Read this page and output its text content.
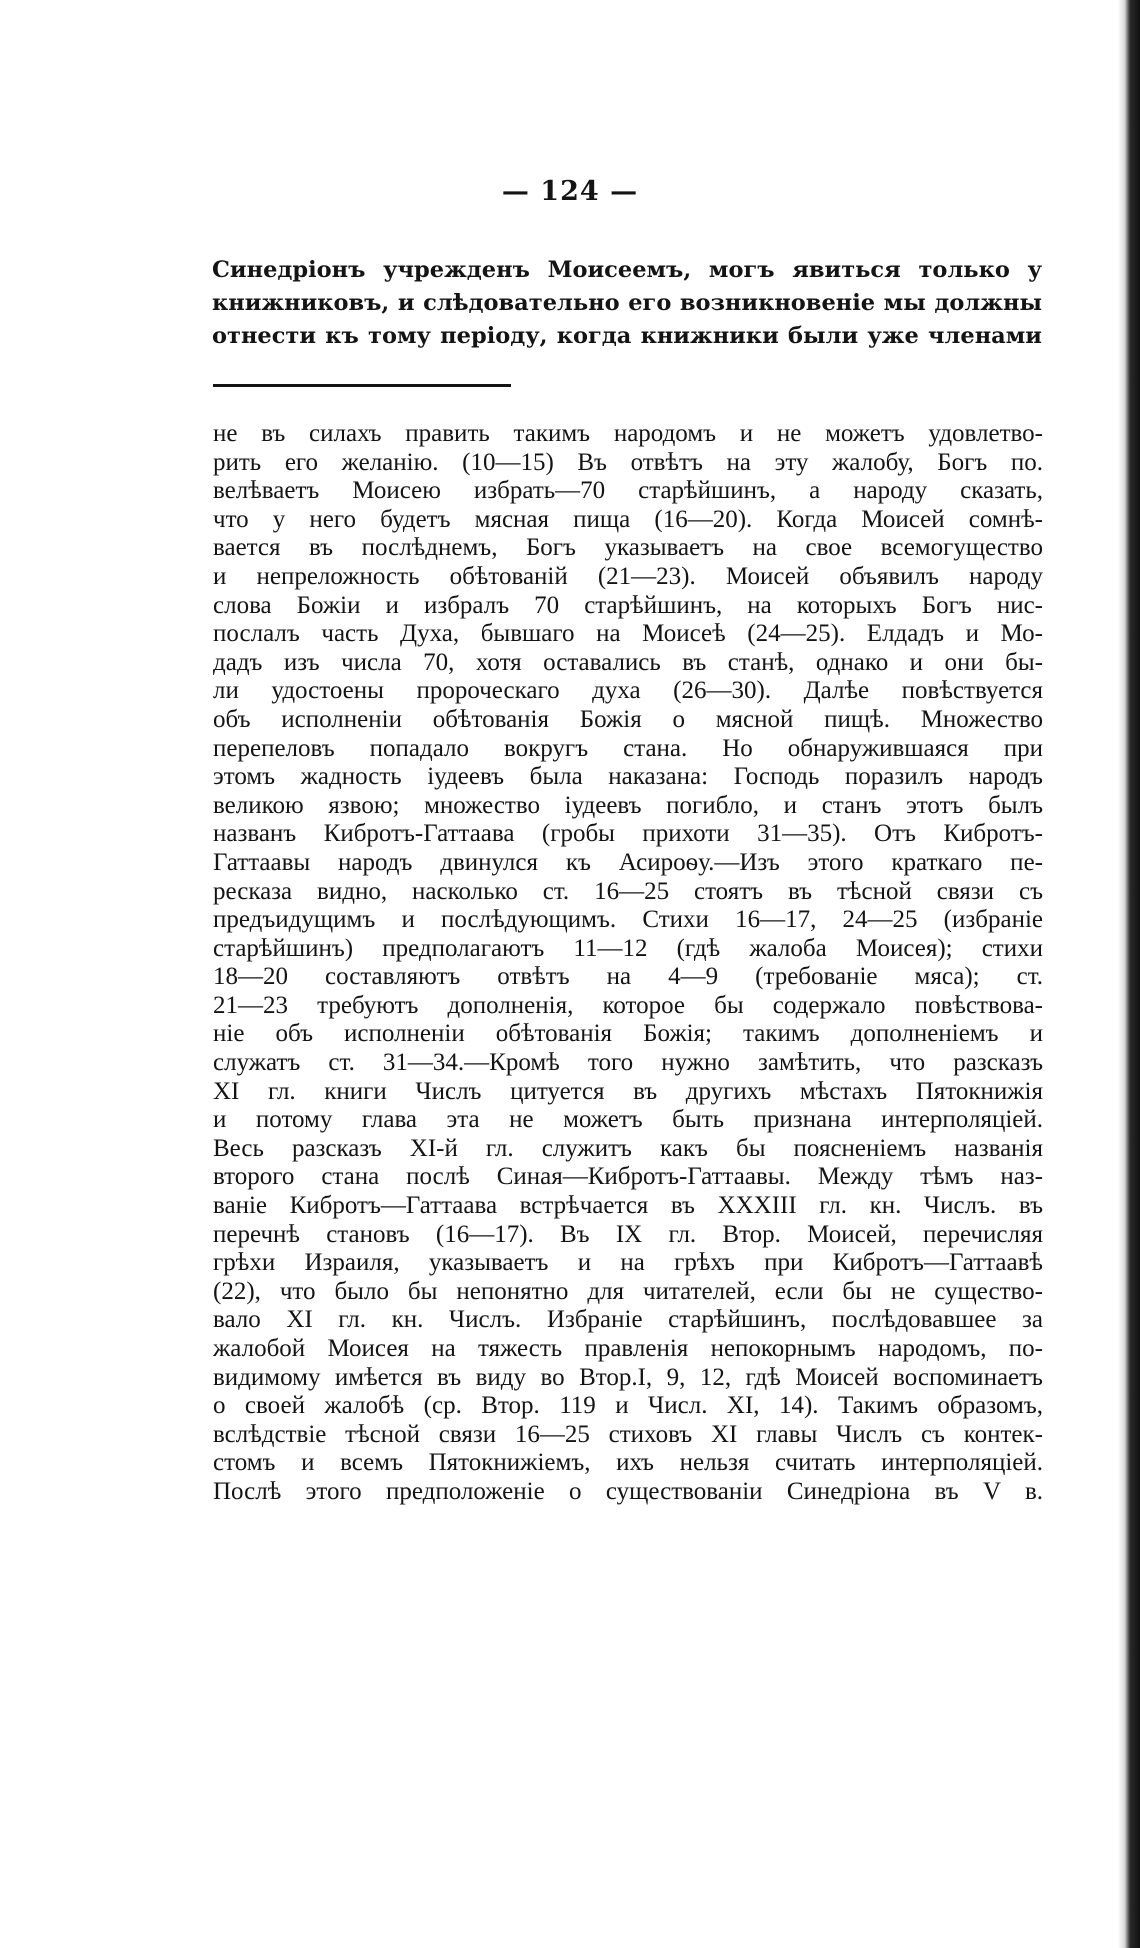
— 124 —
Синедріонъ учрежденъ Моисеемъ, могъ явиться только у
книжниковъ, и слѣдовательно его возникновеніе мы должны
отнести къ тому періоду, когда книжники были уже членами
не въ силахъ править такимъ народомъ и не можетъ удовлетво-
рить его желанію. (10—15) Въ отвѣтъ на эту жалобу, Богъ по.
велѣваетъ Моисею избрать—70 старѣйшинъ, а народу сказать,
что у него будетъ мясная пища (16—20). Когда Моисей сомнѣ-
вается въ послѣднемъ, Богъ указываетъ на свое всемогущество
и непреложность обѣтованій (21—23). Моисей объявилъ народу
слова Божіи и избралъ 70 старѣйшинъ, на которыхъ Богъ нис-
послалъ часть Духа, бывшаго на Моисеѣ (24—25). Елдадъ и Мо-
дадъ изъ числа 70, хотя оставались въ станѣ, однако и они бы-
ли удостоены пророческаго духа (26—30). Далѣе повѣствуется
объ исполненіи обѣтованія Божія о мясной пищѣ. Множество
перепеловъ попадало вокругъ стана. Но обнаружившаяся при
этомъ жадность іудеевъ была наказана: Господь поразилъ народъ
великою язвою; множество іудеевъ погибло, и станъ этотъ былъ
названъ Кибротъ-Гаттаава (гробы прихоти 31—35). Отъ Кибротъ-
Гаттаавы народъ двинулся къ Асироѳу.—Изъ этого краткаго пе-
ресказа видно, насколько ст. 16—25 стоятъ въ тѣсной связи съ
предъидущимъ и послѣдующимъ. Стихи 16—17, 24—25 (избраніе
старѣйшинъ) предполагаютъ 11—12 (гдѣ жалоба Моисея); стихи
18—20 составляютъ отвѣтъ на 4—9 (требованіе мяса); ст.
21—23 требуютъ дополненія, которое бы содержало повѣствова-
ніе объ исполненіи обѣтованія Божія; такимъ дополненіемъ и
служатъ ст. 31—34.—Кромѣ того нужно замѣтить, что разсказъ
XI гл. книги Числъ цитуется въ другихъ мѣстахъ Пятокнижія
и потому глава эта не можетъ быть признана интерполяціей.
Весь разсказъ XI-й гл. служитъ какъ бы поясненіемъ названія
второго стана послѣ Синая—Кибротъ-Гаттаавы. Между тѣмъ наз-
ваніе Кибротъ—Гаттаава встрѣчается въ XXXIII гл. кн. Числъ. въ
перечнѣ становъ (16—17). Въ IX гл. Втор. Моисей, перечисляя
грѣхи Израиля, указываетъ и на грѣхъ при Кибротъ—Гаттаавѣ
(22), что было бы непонятно для читателей, если бы не существо-
вало XI гл. кн. Числъ. Избраніе старѣйшинъ, послѣдовавшее за
жалобой Моисея на тяжесть правленія непокорнымъ народомъ, по-
видимому имѣется въ виду во Втор.І, 9, 12, гдѣ Моисей воспоминаетъ
о своей жалобѣ (ср. Втор. 119 и Числ. XI, 14). Такимъ образомъ,
вслѣдствіе тѣсной связи 16—25 стиховъ XI главы Числъ съ контек-
стомъ и всемъ Пятокнижіемъ, ихъ нельзя считать интерполяціей.
Послѣ этого предположеніе о существованіи Синедріона въ V в.
